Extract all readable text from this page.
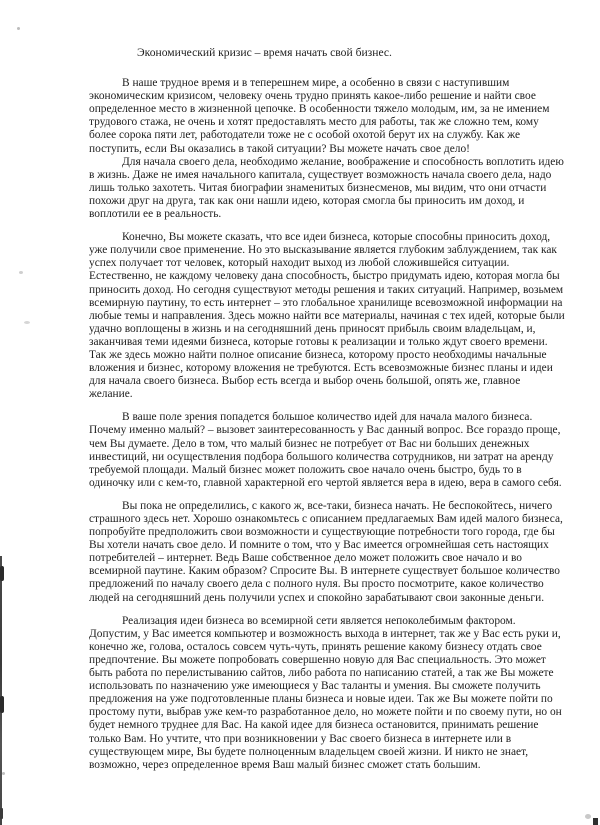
Экономический кризис – время начать свой бизнес.

В наше трудное время и в теперешнем мире, а особенно в связи с наступившим экономическим кризисом, человеку очень трудно принять какое-либо решение и найти свое определенное место в жизненной цепочке. В особенности тяжело молодым, им, за не имением трудового стажа, не очень и хотят предоставлять место для работы, так же сложно тем, кому более сорока пяти лет, работодатели тоже не с особой охотой берут их на службу. Как же поступить, если Вы оказались в такой ситуации? Вы можете начать свое дело!

Для начала своего дела, необходимо желание, воображение и способность воплотить идею в жизнь. Даже не имея начального капитала, существует возможность начала своего дела, надо лишь только захотеть. Читая биографии знаменитых бизнесменов, мы видим, что они отчасти похожи друг на друга, так как они нашли идею, которая смогла бы приносить им доход, и воплотили ее в реальность.

Конечно, Вы можете сказать, что все идеи бизнеса, которые способны приносить доход, уже получили свое применение. Но это высказывание является глубоким заблуждением, так как успех получает тот человек, который находит выход из любой сложившейся ситуации. Естественно, не каждому человеку дана способность, быстро придумать идею, которая могла бы приносить доход. Но сегодня существуют методы решения и таких ситуаций. Например, возьмем всемирную паутину, то есть интернет – это глобальное хранилище всевозможной информации на любые темы и направления. Здесь можно найти все материалы, начиная с тех идей, которые были удачно воплощены в жизнь и на сегодняшний день приносят прибыль своим владельцам, и, заканчивая теми идеями бизнеса, которые готовы к реализации и только ждут своего времени. Так же здесь можно найти полное описание бизнеса, которому просто необходимы начальные вложения и бизнес, которому вложения не требуются. Есть всевозможные бизнес планы и идеи для начала своего бизнеса. Выбор есть всегда и выбор очень большой, опять же, главное желание.

В ваше поле зрения попадется большое количество идей для начала малого бизнеса. Почему именно малый? – вызовет заинтересованность у Вас данный вопрос. Все гораздо проще, чем Вы думаете. Дело в том, что малый бизнес не потребует от Вас ни больших денежных инвестиций, ни осуществления подбора большого количества сотрудников, ни затрат на аренду требуемой площади. Малый бизнес может положить свое начало очень быстро, будь то в одиночку или с кем-то, главной характерной его чертой является вера в идею, вера в самого себя.

Вы пока не определились, с какого ж, все-таки, бизнеса начать. Не беспокойтесь, ничего страшного здесь нет. Хорошо ознакомьтесь с описанием предлагаемых Вам идей малого бизнеса, попробуйте предположить свои возможности и существующие потребности того города, где бы Вы хотели начать свое дело. И помните о том, что у Вас имеется огромнейшая сеть настоящих потребителей – интернет. Ведь Ваше собственное дело может положить свое начало и во всемирной паутине. Каким образом? Спросите Вы. В интернете существует большое количество предложений по началу своего дела с полного нуля. Вы просто посмотрите, какое количество людей на сегодняшний день получили успех и спокойно зарабатывают свои законные деньги.

Реализация идеи бизнеса во всемирной сети является непоколебимым фактором. Допустим, у Вас имеется компьютер и возможность выхода в интернет, так же у Вас есть руки и, конечно же, голова, осталось совсем чуть-чуть, принять решение какому бизнесу отдать свое предпочтение. Вы можете попробовать совершенно новую для Вас специальность. Это может быть работа по перелистыванию сайтов, либо работа по написанию статей, а так же Вы можете использовать по назначению уже имеющиеся у Вас таланты и умения. Вы сможете получить предложения на уже подготовленные планы бизнеса и новые идеи. Так же Вы можете пойти по простому пути, выбрав уже кем-то разработанное дело, но можете пойти и по своему пути, но он будет немного труднее для Вас. На какой идее для бизнеса остановится, принимать решение только Вам. Но учтите, что при возникновении у Вас своего бизнеса в интернете или в существующем мире, Вы будете полноценным владельцем своей жизни. И никто не знает, возможно, через определенное время Ваш малый бизнес сможет стать большим.
